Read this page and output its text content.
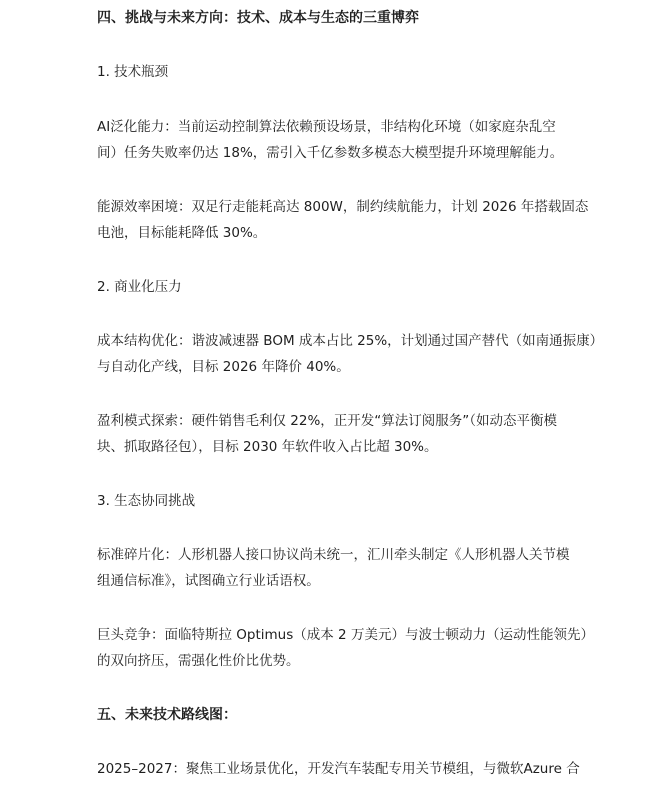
四、挑战与未来方向：技术、成本与生态的三重博弈

1. 技术瓶颈

AI泛化能力：当前运动控制算法依赖预设场景，非结构化环境（如家庭杂乱空

间）任务失败率仍达 18%，需引入千亿参数多模态大模型提升环境理解能力。

能源效率困境：双足行走能耗高达 800W，制约续航能力，计划 2026 年搭载固态

电池，目标能耗降低 30%。

2. 商业化压力

成本结构优化：谐波减速器 BOM 成本占比 25%，计划通过国产替代（如南通振康）

与自动化产线，目标 2026 年降价 40%。

盈利模式探索：硬件销售毛利仅 22%，正开发“算法订阅服务”（如动态平衡模

块、抓取路径包），目标 2030 年软件收入占比超 30%。

3. 生态协同挑战

标准碎片化：人形机器人接口协议尚未统一，汇川牵头制定《人形机器人关节模

组通信标准》，试图确立行业话语权。

巨头竞争：面临特斯拉 Optimus（成本 2 万美元）与波士顿动力（运动性能领先）

的双向挤压，需强化性价比优势。

五、未来技术路线图：

2025–2027：聚焦工业场景优化，开发汽车装配专用关节模组，与微软Azure 合
